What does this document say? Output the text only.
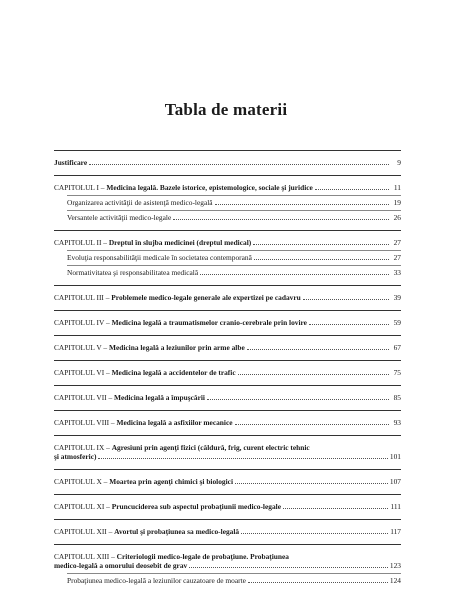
Tabla de materii
Justificare	9
CAPITOLUL I – Medicina legală. Bazele istorice, epistemologice, sociale şi juridice	11
Organizarea activităţii de asistenţă medico-legală	19
Versantele activităţii medico-legale	26
CAPITOLUL II – Dreptul în slujba medicinei (dreptul medical)	27
Evoluţia responsabilităţii medicale în societatea contemporană	27
Normativitatea şi responsabilitatea medicală	33
CAPITOLUL III – Problemele medico-legale generale ale expertizei pe cadavru	39
CAPITOLUL IV – Medicina legală a traumatismelor cranio-cerebrale prin lovire	59
CAPITOLUL V – Medicina legală a leziunilor prin arme albe	67
CAPITOLUL VI – Medicina legală a accidentelor de trafic	75
CAPITOLUL VII – Medicina legală a împuşcării	85
CAPITOLUL VIII – Medicina legală a asfixiilor mecanice	93
CAPITOLUL IX – Agresiuni prin agenţi fizici (căldură, frig, curent electric tehnic
şi atmosferic)	101
CAPITOLUL X – Moartea prin agenţi chimici şi biologici	107
CAPITOLUL XI – Pruncuciderea sub aspectul probaţiunii medico-legale	111
CAPITOLUL XII – Avortul şi probaţiunea sa medico-legală	117
CAPITOLUL XIII – Criteriologii medico-legale de probaţiune. Probaţiunea
medico-legală a omorului deosebit de grav	123
Probaţiunea medico-legală a leziunilor cauzatoare de moarte	124
